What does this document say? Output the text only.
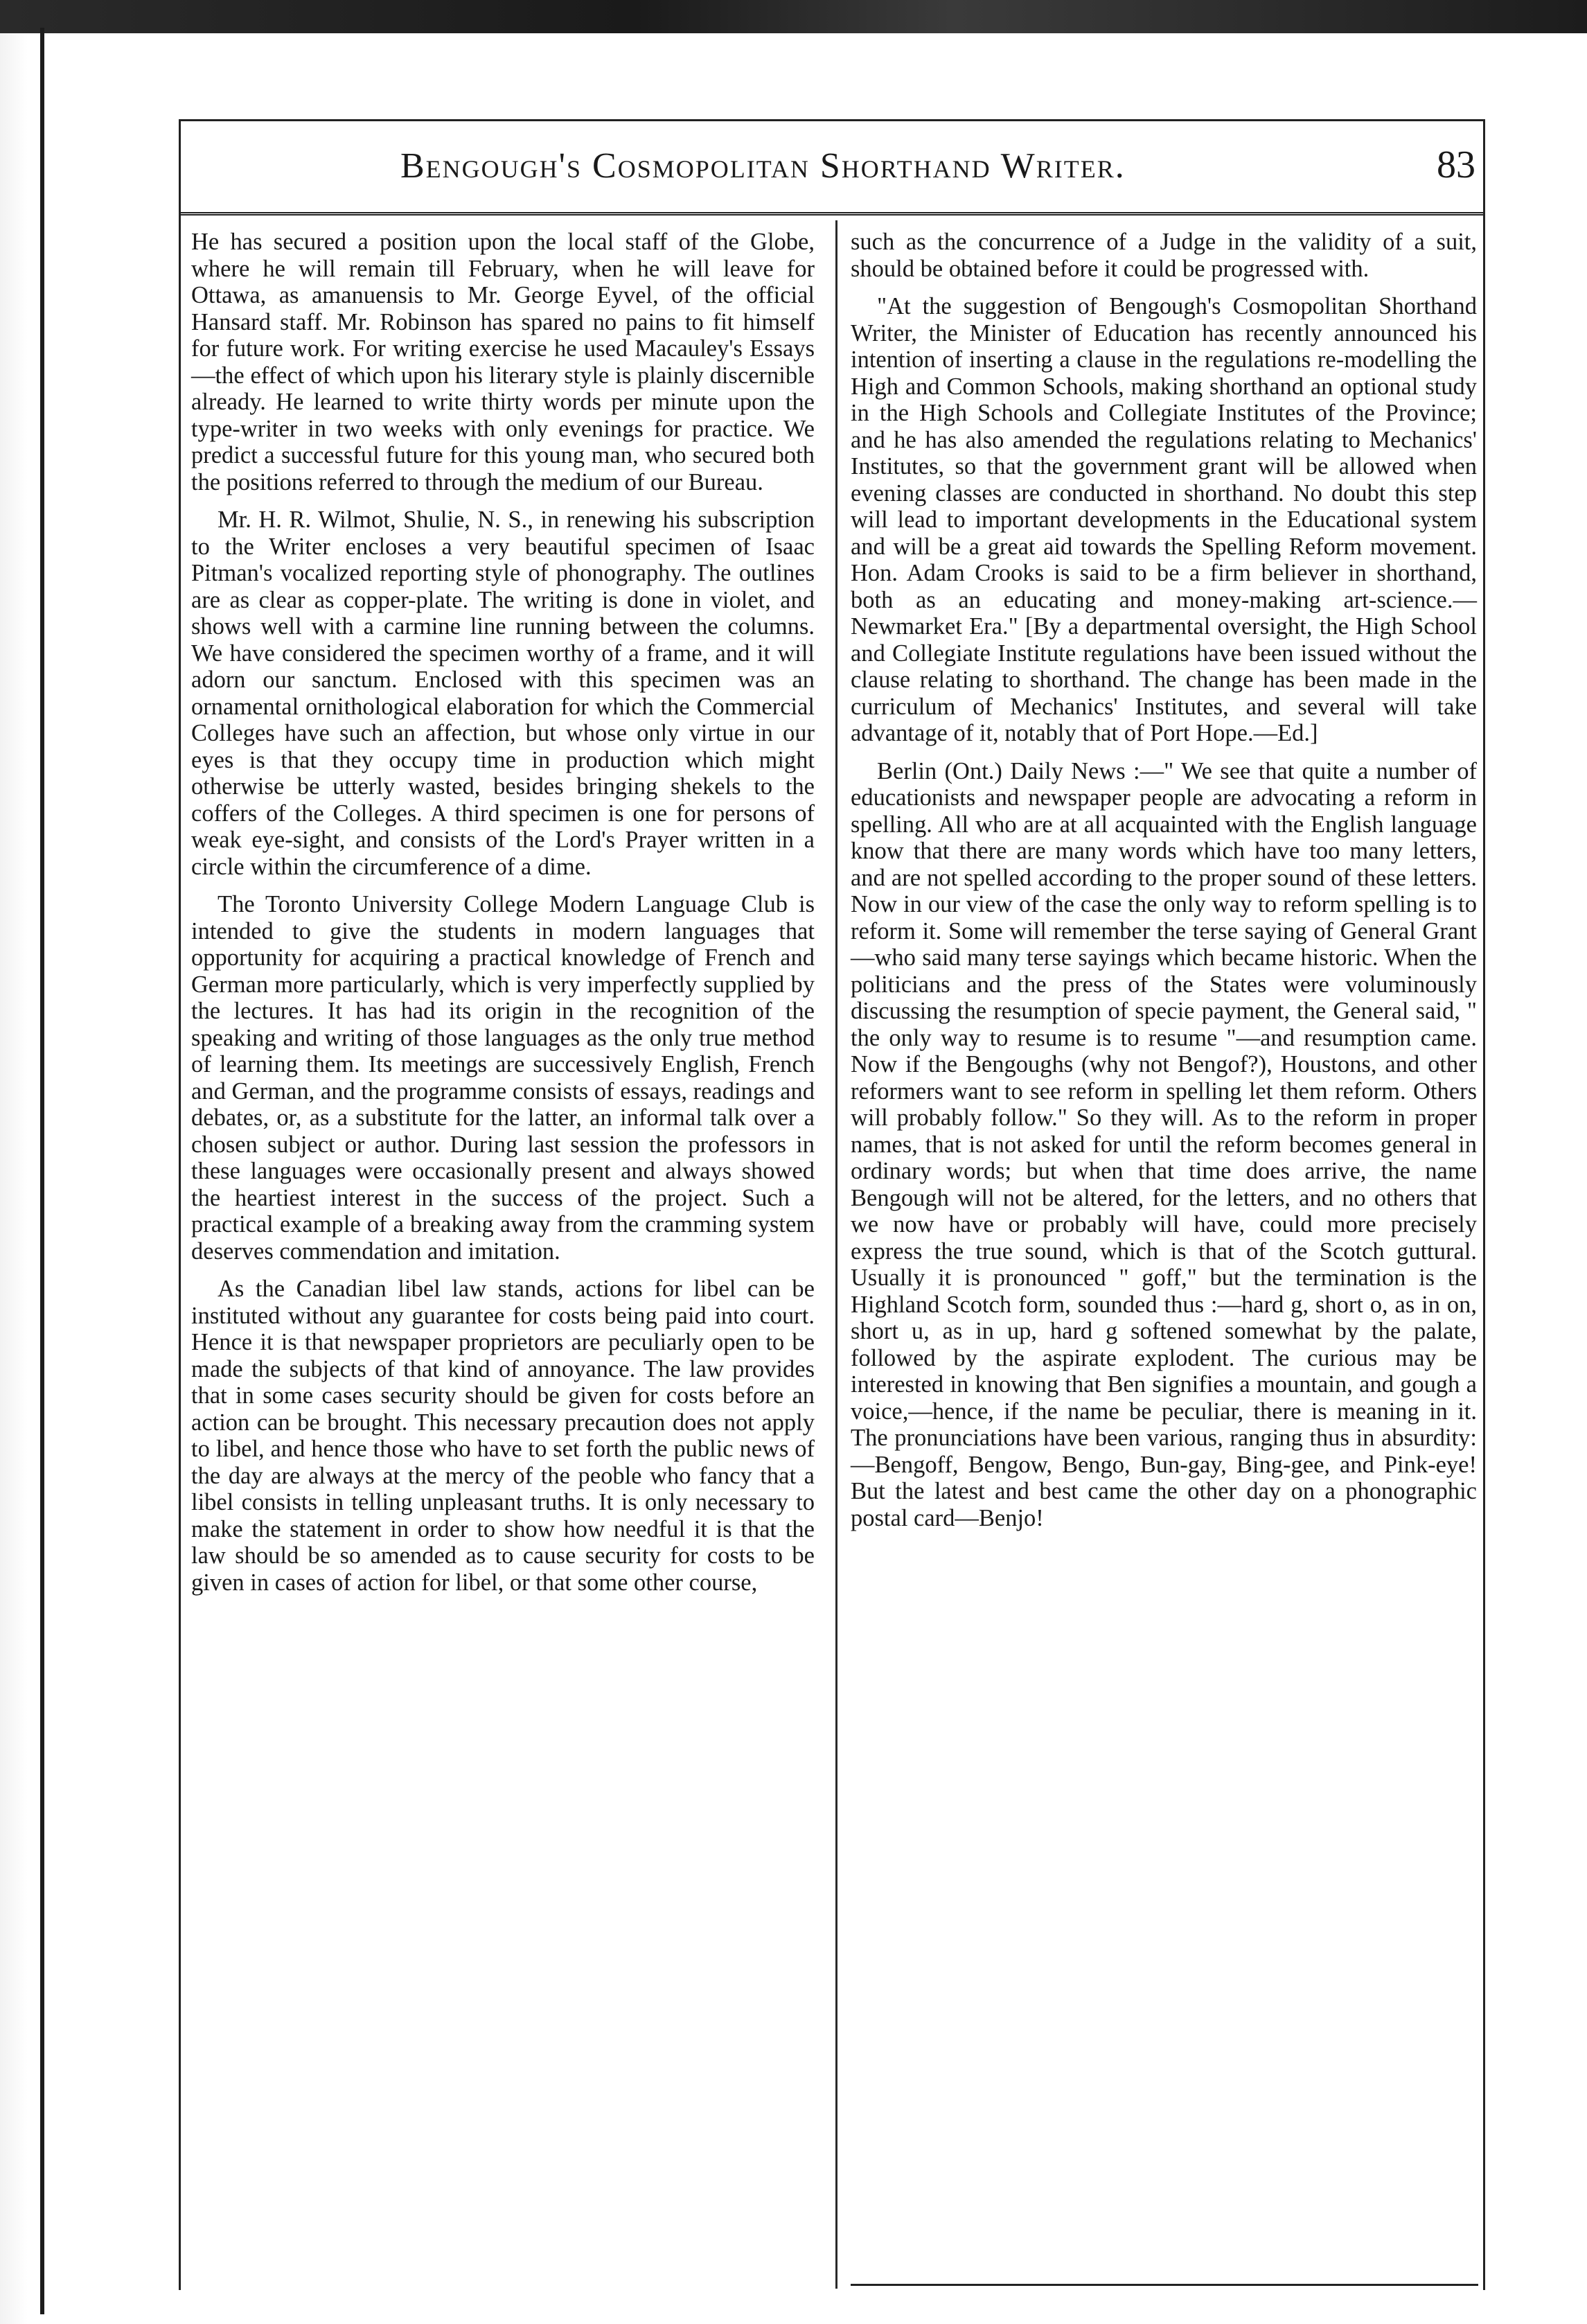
Bengough's Cosmopolitan Shorthand Writer.	83

He has secured a position upon the local staff of the Globe, where he will remain till February, when he will leave for Ottawa, as amanuensis to Mr. George Eyvel, of the official Hansard staff. Mr. Robinson has spared no pains to fit himself for future work. For writing exercise he used Macauley's Essays—the effect of which upon his literary style is plainly discernible already. He learned to write thirty words per minute upon the type-writer in two weeks with only evenings for practice. We predict a successful future for this young man, who secured both the positions referred to through the medium of our Bureau.

Mr. H. R. Wilmot, Shulie, N. S., in renewing his subscription to the Writer encloses a very beautiful specimen of Isaac Pitman's vocalized reporting style of phonography. The outlines are as clear as copper-plate. The writing is done in violet, and shows well with a carmine line running between the columns. We have considered the specimen worthy of a frame, and it will adorn our sanctum. Enclosed with this specimen was an ornamental ornithological elaboration for which the Commercial Colleges have such an affection, but whose only virtue in our eyes is that they occupy time in production which might otherwise be utterly wasted, besides bringing shekels to the coffers of the Colleges. A third specimen is one for persons of weak eye-sight, and consists of the Lord's Prayer written in a circle within the circumference of a dime.

The Toronto University College Modern Language Club is intended to give the students in modern languages that opportunity for acquiring a practical knowledge of French and German more particularly, which is very imperfectly supplied by the lectures. It has had its origin in the recognition of the speaking and writing of those languages as the only true method of learning them. Its meetings are successively English, French and German, and the programme consists of essays, readings and debates, or, as a substitute for the latter, an informal talk over a chosen subject or author. During last session the professors in these languages were occasionally present and always showed the heartiest interest in the success of the project. Such a practical example of a breaking away from the cramming system deserves commendation and imitation.

As the Canadian libel law stands, actions for libel can be instituted without any guarantee for costs being paid into court. Hence it is that newspaper proprietors are peculiarly open to be made the subjects of that kind of annoyance. The law provides that in some cases security should be given for costs before an action can be brought. This necessary precaution does not apply to libel, and hence those who have to set forth the public news of the day are always at the mercy of the peoble who fancy that a libel consists in telling unpleasant truths. It is only necessary to make the statement in order to show how needful it is that the law should be so amended as to cause security for costs to be given in cases of action for libel, or that some other course,

such as the concurrence of a Judge in the validity of a suit, should be obtained before it could be progressed with.

"At the suggestion of Bengough's Cosmopolitan Shorthand Writer, the Minister of Education has recently announced his intention of inserting a clause in the regulations re-modelling the High and Common Schools, making shorthand an optional study in the High Schools and Collegiate Institutes of the Province; and he has also amended the regulations relating to Mechanics' Institutes, so that the government grant will be allowed when evening classes are conducted in shorthand. No doubt this step will lead to important developments in the Educational system and will be a great aid towards the Spelling Reform movement. Hon. Adam Crooks is said to be a firm believer in shorthand, both as an educating and money-making art-science.—Newmarket Era." [By a departmental oversight, the High School and Collegiate Institute regulations have been issued without the clause relating to shorthand. The change has been made in the curriculum of Mechanics' Institutes, and several will take advantage of it, notably that of Port Hope.—Ed.]

Berlin (Ont.) Daily News :—" We see that quite a number of educationists and newspaper people are advocating a reform in spelling. All who are at all acquainted with the English language know that there are many words which have too many letters, and are not spelled according to the proper sound of these letters. Now in our view of the case the only way to reform spelling is to reform it. Some will remember the terse saying of General Grant—who said many terse sayings which became historic. When the politicians and the press of the States were voluminously discussing the resumption of specie payment, the General said, " the only way to resume is to resume "—and resumption came. Now if the Bengoughs (why not Bengof?), Houstons, and other reformers want to see reform in spelling let them reform. Others will probably follow." So they will. As to the reform in proper names, that is not asked for until the reform becomes general in ordinary words; but when that time does arrive, the name Bengough will not be altered, for the letters, and no others that we now have or probably will have, could more precisely express the true sound, which is that of the Scotch guttural. Usually it is pronounced " goff," but the termination is the Highland Scotch form, sounded thus :—hard g, short o, as in on, short u, as in up, hard g softened somewhat by the palate, followed by the aspirate explodent. The curious may be interested in knowing that Ben signifies a mountain, and gough a voice,—hence, if the name be peculiar, there is meaning in it. The pronunciations have been various, ranging thus in absurdity:—Bengoff, Bengow, Bengo, Bun-gay, Bing-gee, and Pink-eye! But the latest and best came the other day on a phonographic postal card—Benjo!
